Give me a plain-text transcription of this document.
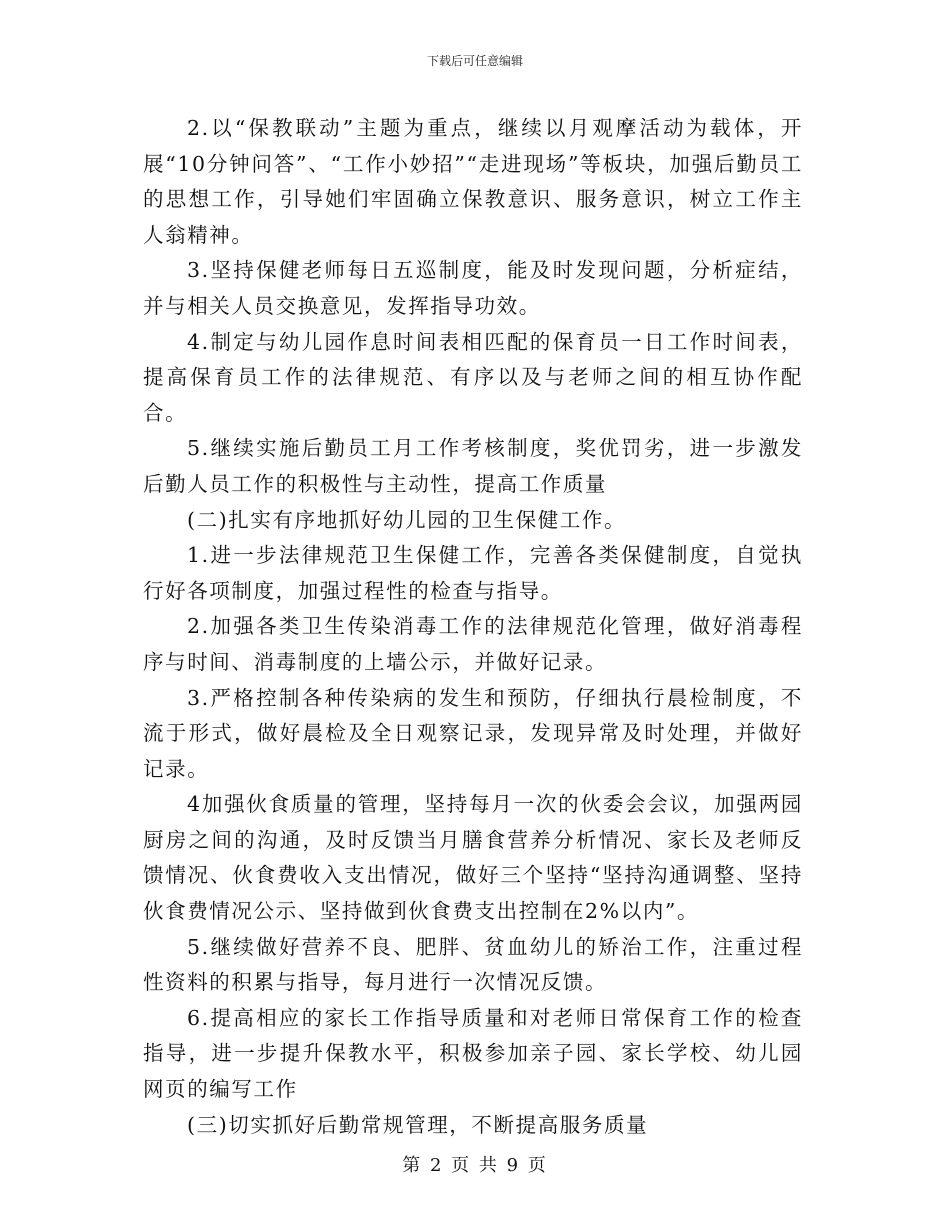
下载后可任意编辑

2.以“保教联动”主题为重点，继续以月观摩活动为载体，开展“10分钟问答”、“工作小妙招”“走进现场”等板块，加强后勤员工的思想工作，引导她们牢固确立保教意识、服务意识，树立工作主人翁精神。

3.坚持保健老师每日五巡制度，能及时发现问题，分析症结，并与相关人员交换意见，发挥指导功效。

4.制定与幼儿园作息时间表相匹配的保育员一日工作时间表，提高保育员工作的法律规范、有序以及与老师之间的相互协作配合。

5.继续实施后勤员工月工作考核制度，奖优罚劣，进一步激发后勤人员工作的积极性与主动性，提高工作质量

(二)扎实有序地抓好幼儿园的卫生保健工作。

1.进一步法律规范卫生保健工作，完善各类保健制度，自觉执行好各项制度，加强过程性的检查与指导。

2.加强各类卫生传染消毒工作的法律规范化管理，做好消毒程序与时间、消毒制度的上墙公示，并做好记录。

3.严格控制各种传染病的发生和预防，仔细执行晨检制度，不流于形式，做好晨检及全日观察记录，发现异常及时处理，并做好记录。

4加强伙食质量的管理，坚持每月一次的伙委会会议，加强两园厨房之间的沟通，及时反馈当月膳食营养分析情况、家长及老师反馈情况、伙食费收入支出情况，做好三个坚持“坚持沟通调整、坚持伙食费情况公示、坚持做到伙食费支出控制在2%以内”。

5.继续做好营养不良、肥胖、贫血幼儿的矫治工作，注重过程性资料的积累与指导，每月进行一次情况反馈。

6.提高相应的家长工作指导质量和对老师日常保育工作的检查指导，进一步提升保教水平，积极参加亲子园、家长学校、幼儿园网页的编写工作

(三)切实抓好后勤常规管理，不断提高服务质量

第 2 页 共 9 页
